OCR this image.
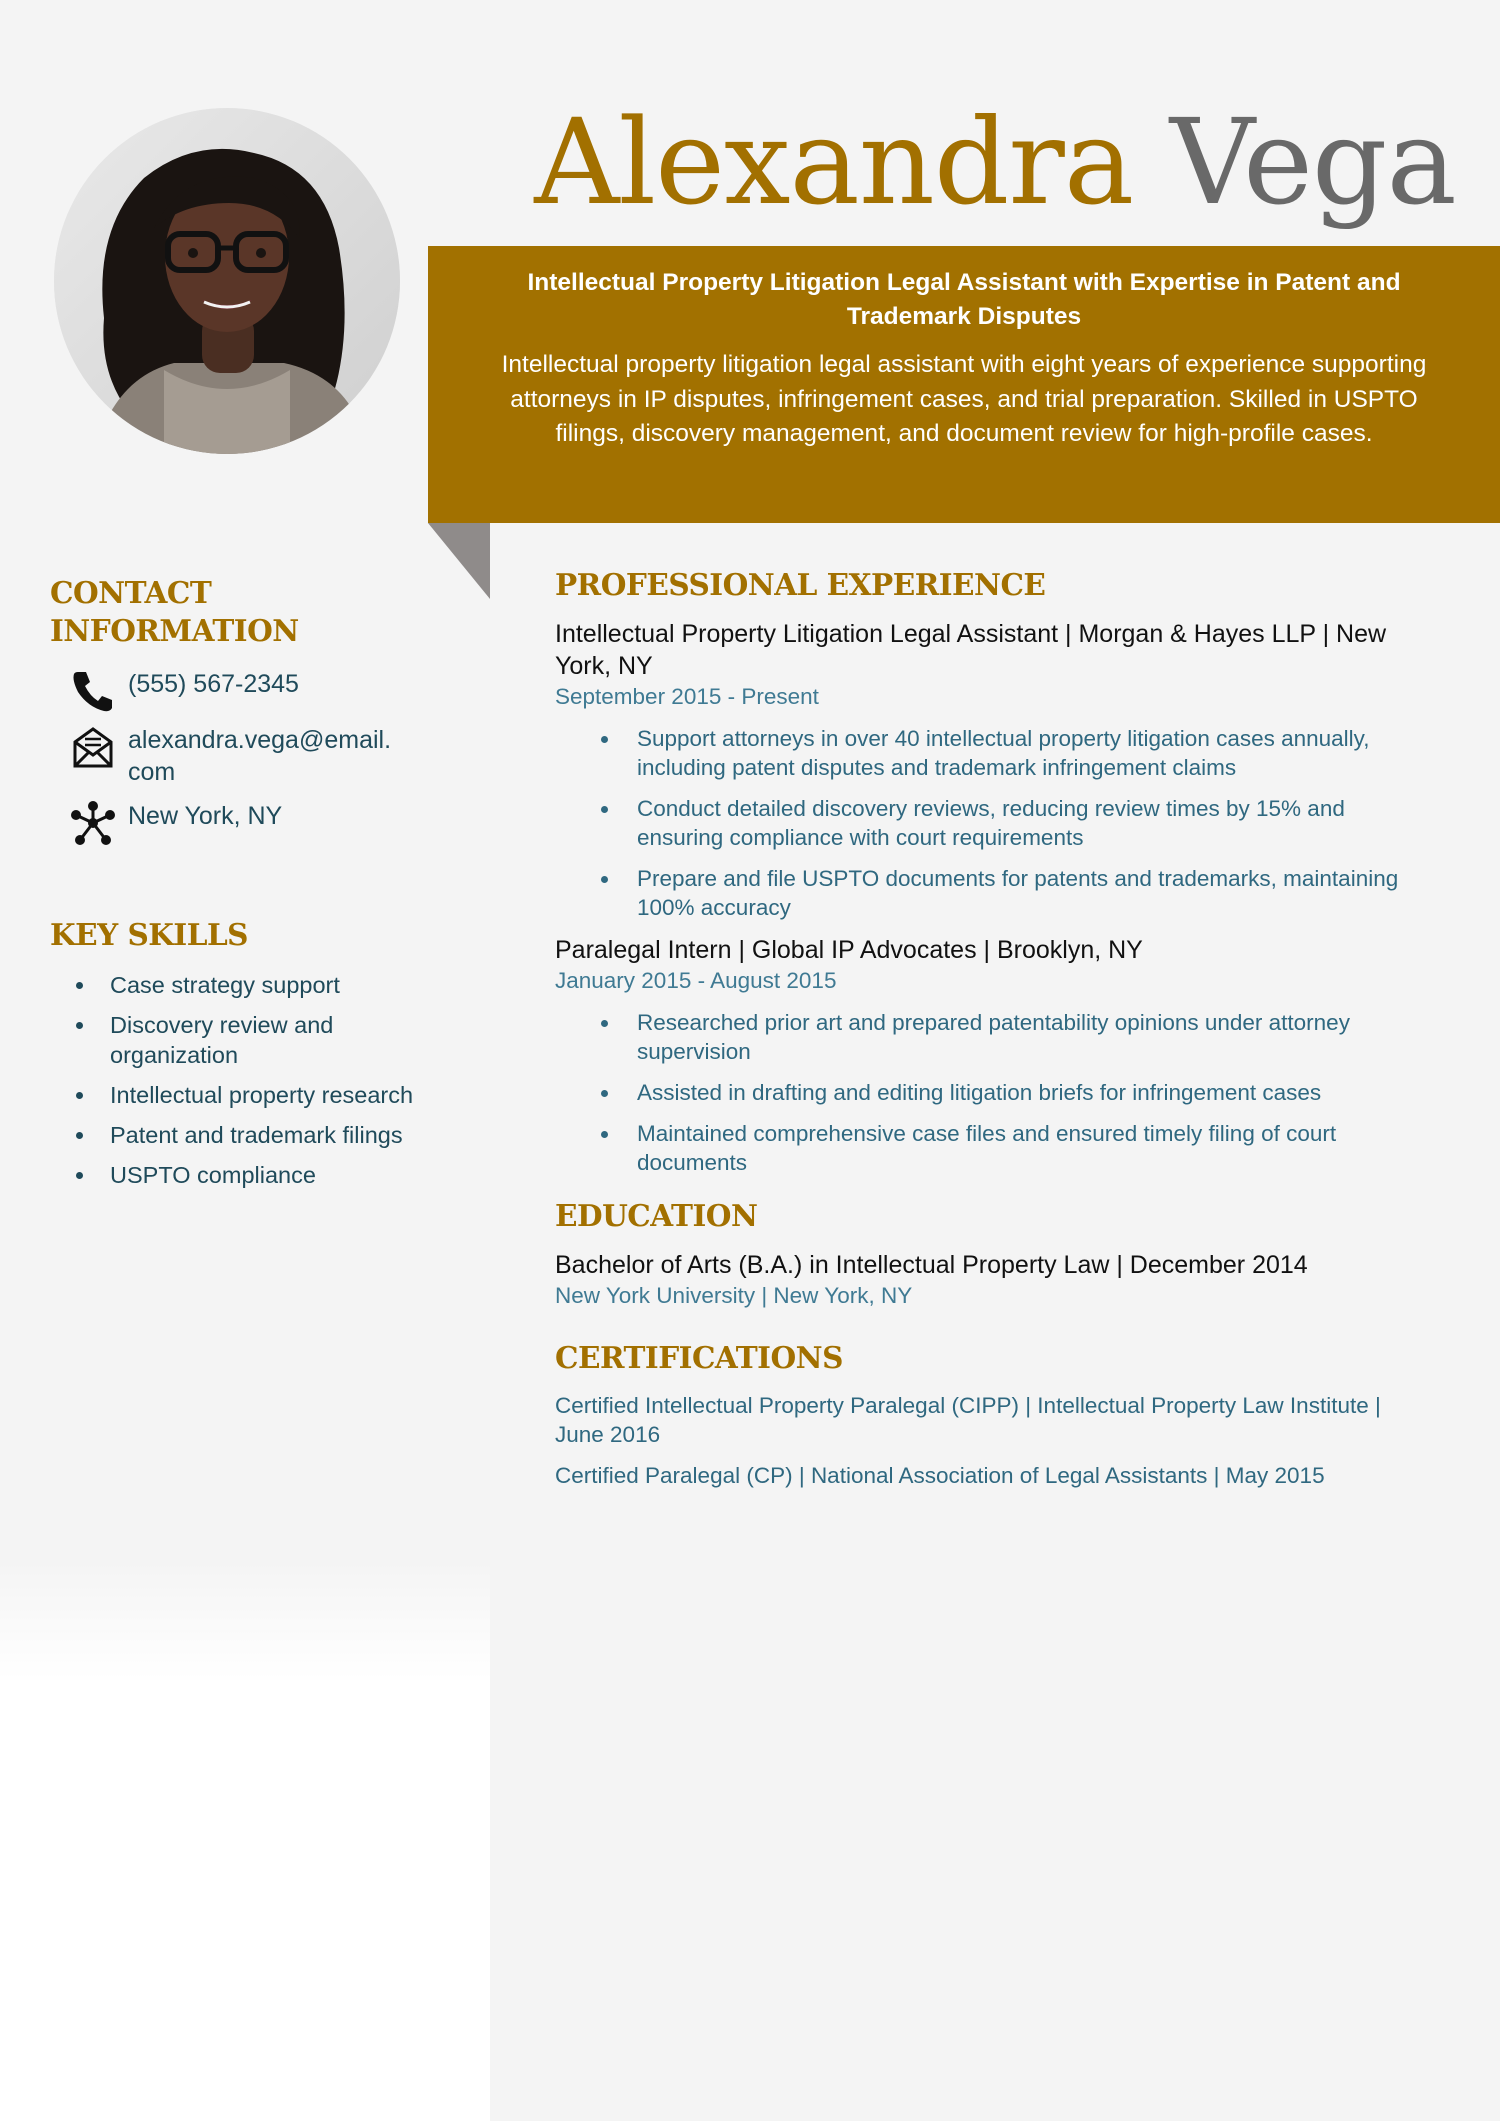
Alexandra Vega

Intellectual Property Litigation Legal Assistant with Expertise in Patent and Trademark Disputes

Intellectual property litigation legal assistant with eight years of experience supporting attorneys in IP disputes, infringement cases, and trial preparation. Skilled in USPTO filings, discovery management, and document review for high-profile cases.

CONTACT INFORMATION
(555) 567-2345
alexandra.vega@email.com
New York, NY
KEY SKILLS
Case strategy support
Discovery review and organization
Intellectual property research
Patent and trademark filings
USPTO compliance
PROFESSIONAL EXPERIENCE

Intellectual Property Litigation Legal Assistant | Morgan & Hayes LLP | New York, NY

September 2015 - Present

Support attorneys in over 40 intellectual property litigation cases annually, including patent disputes and trademark infringement claims
Conduct detailed discovery reviews, reducing review times by 15% and ensuring compliance with court requirements
Prepare and file USPTO documents for patents and trademarks, maintaining 100% accuracy

Paralegal Intern | Global IP Advocates | Brooklyn, NY

January 2015 - August 2015

Researched prior art and prepared patentability opinions under attorney supervision
Assisted in drafting and editing litigation briefs for infringement cases
Maintained comprehensive case files and ensured timely filing of court documents
EDUCATION

Bachelor of Arts (B.A.) in Intellectual Property Law | December 2014

New York University | New York, NY

CERTIFICATIONS

Certified Intellectual Property Paralegal (CIPP) | Intellectual Property Law Institute | June 2016

Certified Paralegal (CP) | National Association of Legal Assistants | May 2015
